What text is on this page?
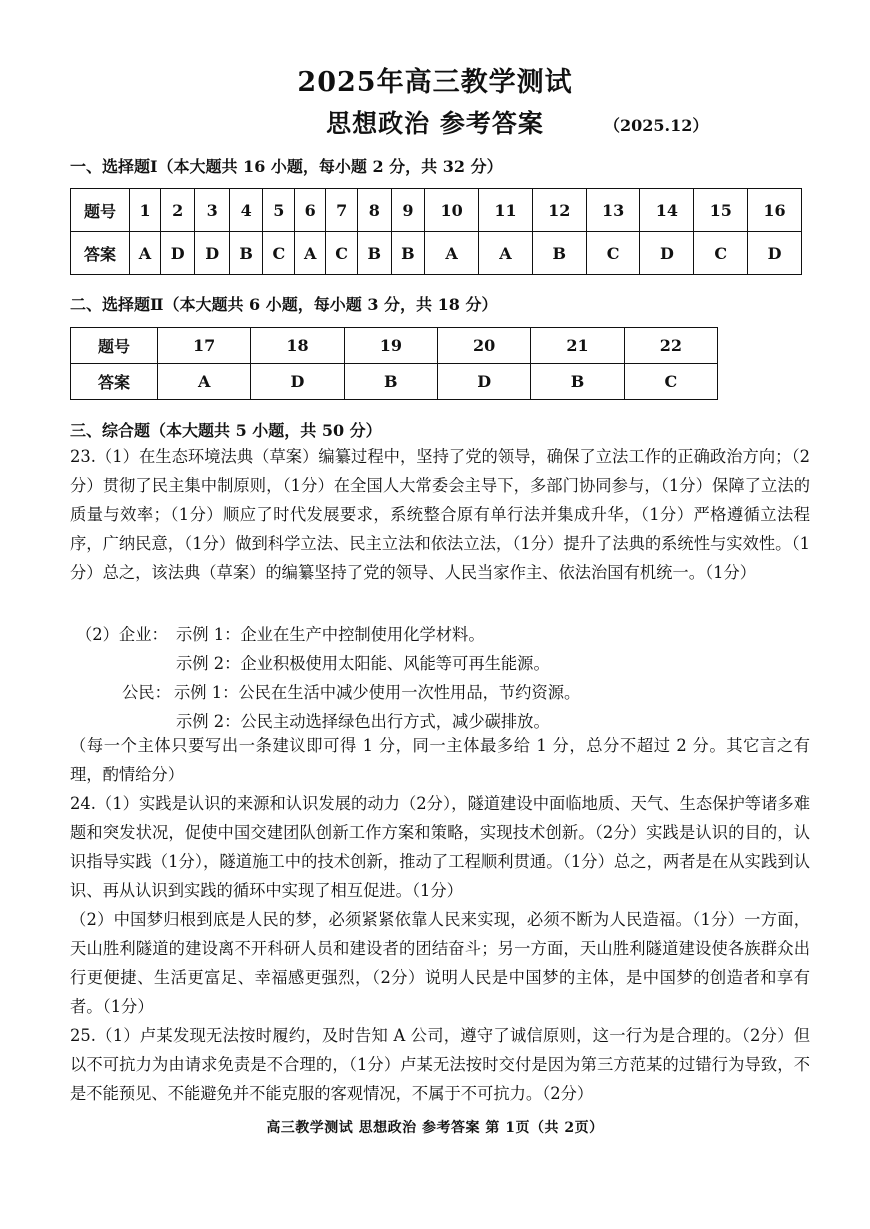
2025年高三教学测试
思想政治 参考答案	（2025.12）
一、选择题Ⅰ（本大题共 16 小题，每小题 2 分，共 32 分）
题号	1	2	3	4	5	6	7	8	9	10	11	12	13	14	15	16
答案	A	D	D	B	C	A	C	B	B	A	A	B	C	D	C	D
二、选择题Ⅱ（本大题共 6 小题，每小题 3 分，共 18 分）
题号	17	18	19	20	21	22
答案	A	D	B	D	B	C
三、综合题（本大题共 5 小题，共 50 分）
23.（1）在生态环境法典（草案）编纂过程中，坚持了党的领导，确保了立法工作的正确政治方向；（2分）贯彻了民主集中制原则，（1分）在全国人大常委会主导下，多部门协同参与，（1分）保障了立法的质量与效率；（1分）顺应了时代发展要求，系统整合原有单行法并集成升华，（1分）严格遵循立法程序，广纳民意，（1分）做到科学立法、民主立法和依法立法，（1分）提升了法典的系统性与实效性。（1分）总之，该法典（草案）的编纂坚持了党的领导、人民当家作主、依法治国有机统一。（1分）
（2）企业： 示例 1：企业在生产中控制使用化学材料。
示例 2：企业积极使用太阳能、风能等可再生能源。
公民： 示例 1：公民在生活中减少使用一次性用品，节约资源。
示例 2：公民主动选择绿色出行方式，减少碳排放。
（每一个主体只要写出一条建议即可得 1 分，同一主体最多给 1 分，总分不超过 2 分。其它言之有理，酌情给分）
24.（1）实践是认识的来源和认识发展的动力（2分），隧道建设中面临地质、天气、生态保护等诸多难题和突发状况，促使中国交建团队创新工作方案和策略，实现技术创新。（2分）实践是认识的目的，认识指导实践（1分），隧道施工中的技术创新，推动了工程顺利贯通。（1分）总之，两者是在从实践到认识、再从认识到实践的循环中实现了相互促进。（1分）
（2）中国梦归根到底是人民的梦，必须紧紧依靠人民来实现，必须不断为人民造福。（1分）一方面，天山胜利隧道的建设离不开科研人员和建设者的团结奋斗；另一方面，天山胜利隧道建设使各族群众出行更便捷、生活更富足、幸福感更强烈，（2分）说明人民是中国梦的主体，是中国梦的创造者和享有者。（1分）
25.（1）卢某发现无法按时履约，及时告知 A 公司，遵守了诚信原则，这一行为是合理的。（2分）但以不可抗力为由请求免责是不合理的，（1分）卢某无法按时交付是因为第三方范某的过错行为导致，不是不能预见、不能避免并不能克服的客观情况，不属于不可抗力。（2分）
高三教学测试 思想政治 参考答案 第 1页（共 2页）
